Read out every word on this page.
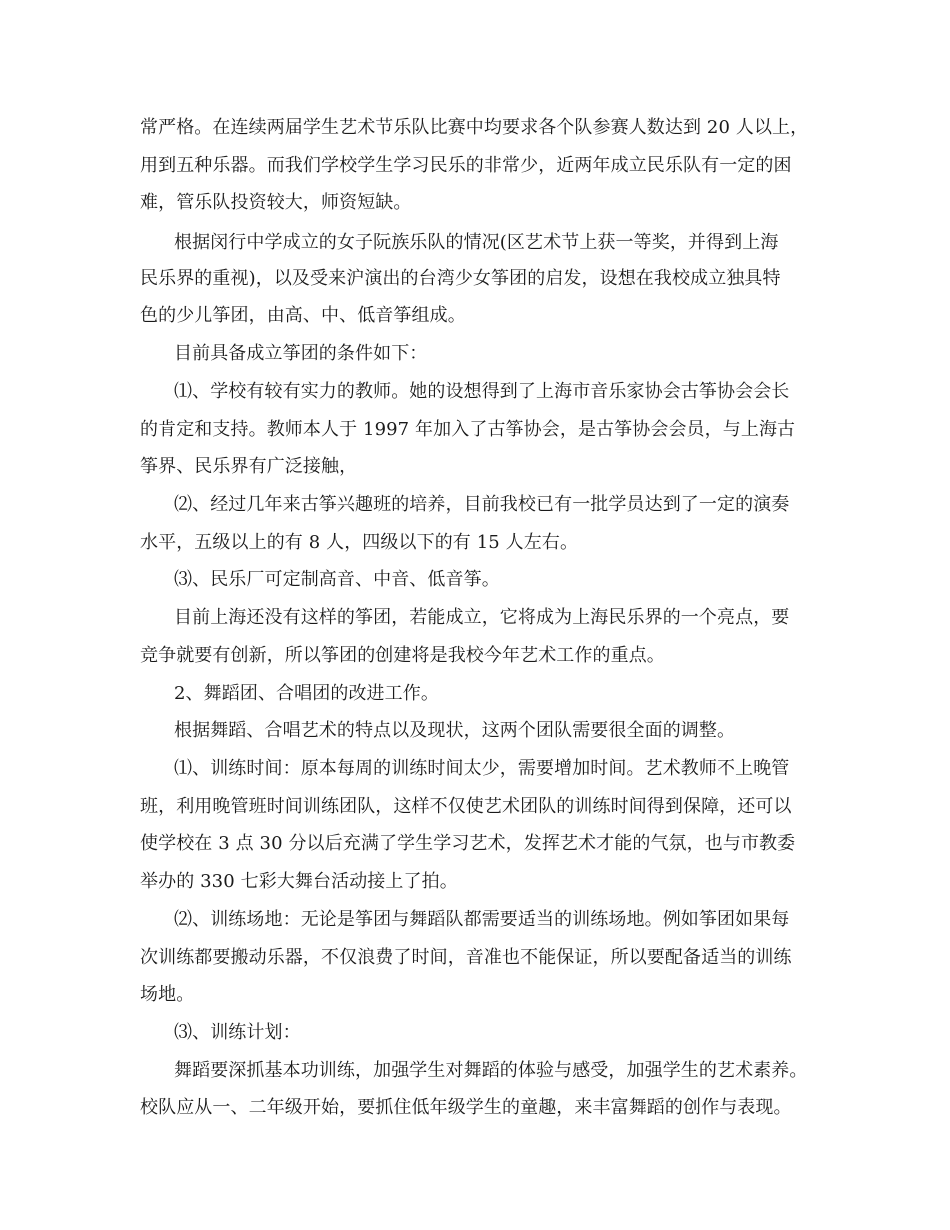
常严格。在连续两届学生艺术节乐队比赛中均要求各个队参赛人数达到 20 人以上，
用到五种乐器。而我们学校学生学习民乐的非常少，近两年成立民乐队有一定的困
难，管乐队投资较大，师资短缺。
根据闵行中学成立的女子阮族乐队的情况(区艺术节上获一等奖，并得到上海
民乐界的重视)，以及受来沪演出的台湾少女筝团的启发，设想在我校成立独具特
色的少儿筝团，由高、中、低音筝组成。
目前具备成立筝团的条件如下：
⑴、学校有较有实力的教师。她的设想得到了上海市音乐家协会古筝协会会长
的肯定和支持。教师本人于 1997 年加入了古筝协会，是古筝协会会员，与上海古
筝界、民乐界有广泛接触，
⑵、经过几年来古筝兴趣班的培养，目前我校已有一批学员达到了一定的演奏
水平，五级以上的有 8 人，四级以下的有 15 人左右。
⑶、民乐厂可定制高音、中音、低音筝。
目前上海还没有这样的筝团，若能成立，它将成为上海民乐界的一个亮点，要
竞争就要有创新，所以筝团的创建将是我校今年艺术工作的重点。
2、舞蹈团、合唱团的改进工作。
根据舞蹈、合唱艺术的特点以及现状，这两个团队需要很全面的调整。
⑴、训练时间：原本每周的训练时间太少，需要增加时间。艺术教师不上晚管
班，利用晚管班时间训练团队，这样不仅使艺术团队的训练时间得到保障，还可以
使学校在 3 点 30 分以后充满了学生学习艺术，发挥艺术才能的气氛，也与市教委
举办的 330 七彩大舞台活动接上了拍。
⑵、训练场地：无论是筝团与舞蹈队都需要适当的训练场地。例如筝团如果每
次训练都要搬动乐器，不仅浪费了时间，音准也不能保证，所以要配备适当的训练
场地。
⑶、训练计划：
舞蹈要深抓基本功训练，加强学生对舞蹈的体验与感受，加强学生的艺术素养。
校队应从一、二年级开始，要抓住低年级学生的童趣，来丰富舞蹈的创作与表现。
